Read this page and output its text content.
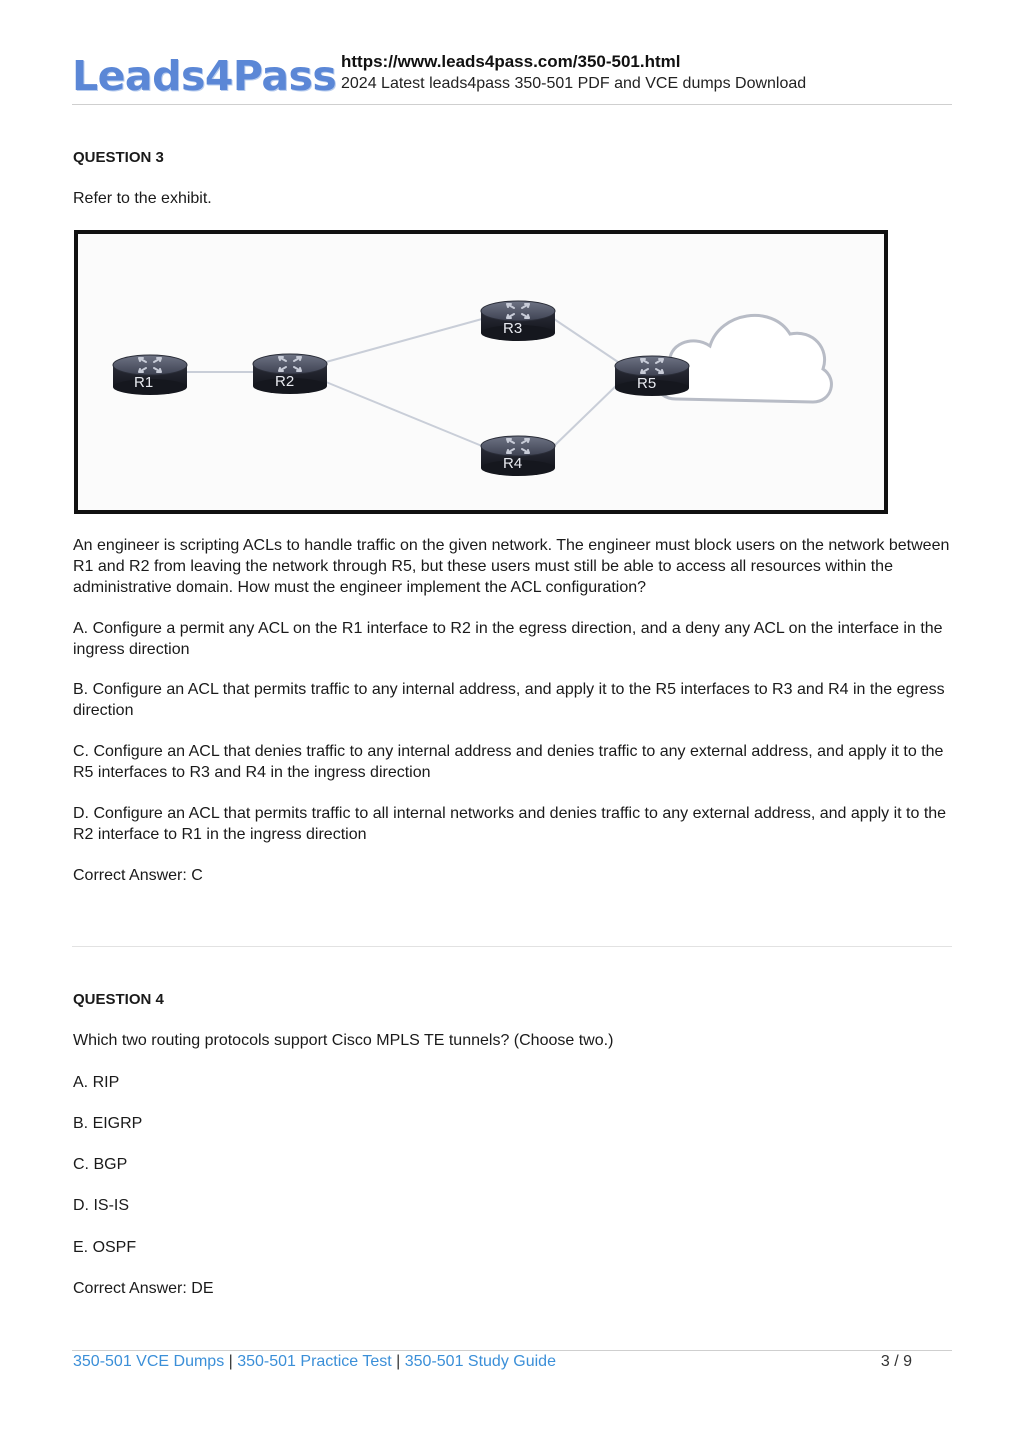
Leads4Pass https://www.leads4pass.com/350-501.html
2024 Latest leads4pass 350-501 PDF and VCE dumps Download

QUESTION 3

Refer to the exhibit.

R1	R2
R3
R4
R5

An engineer is scripting ACLs to handle traffic on the given network. The engineer must block users on the network between R1 and R2 from leaving the network through R5, but these users must still be able to access all resources within the administrative domain. How must the engineer implement the ACL configuration?

A. Configure a permit any ACL on the R1 interface to R2 in the egress direction, and a deny any ACL on the interface in the ingress direction

B. Configure an ACL that permits traffic to any internal address, and apply it to the R5 interfaces to R3 and R4 in the egress direction

C. Configure an ACL that denies traffic to any internal address and denies traffic to any external address, and apply it to the R5 interfaces to R3 and R4 in the ingress direction

D. Configure an ACL that permits traffic to all internal networks and denies traffic to any external address, and apply it to the R2 interface to R1 in the ingress direction

Correct Answer: C

QUESTION 4

Which two routing protocols support Cisco MPLS TE tunnels? (Choose two.)

A. RIP

B. EIGRP

C. BGP

D. IS-IS

E. OSPF

Correct Answer: DE

350-501 VCE Dumps | 350-501 Practice Test | 350-501 Study Guide	3 / 9
